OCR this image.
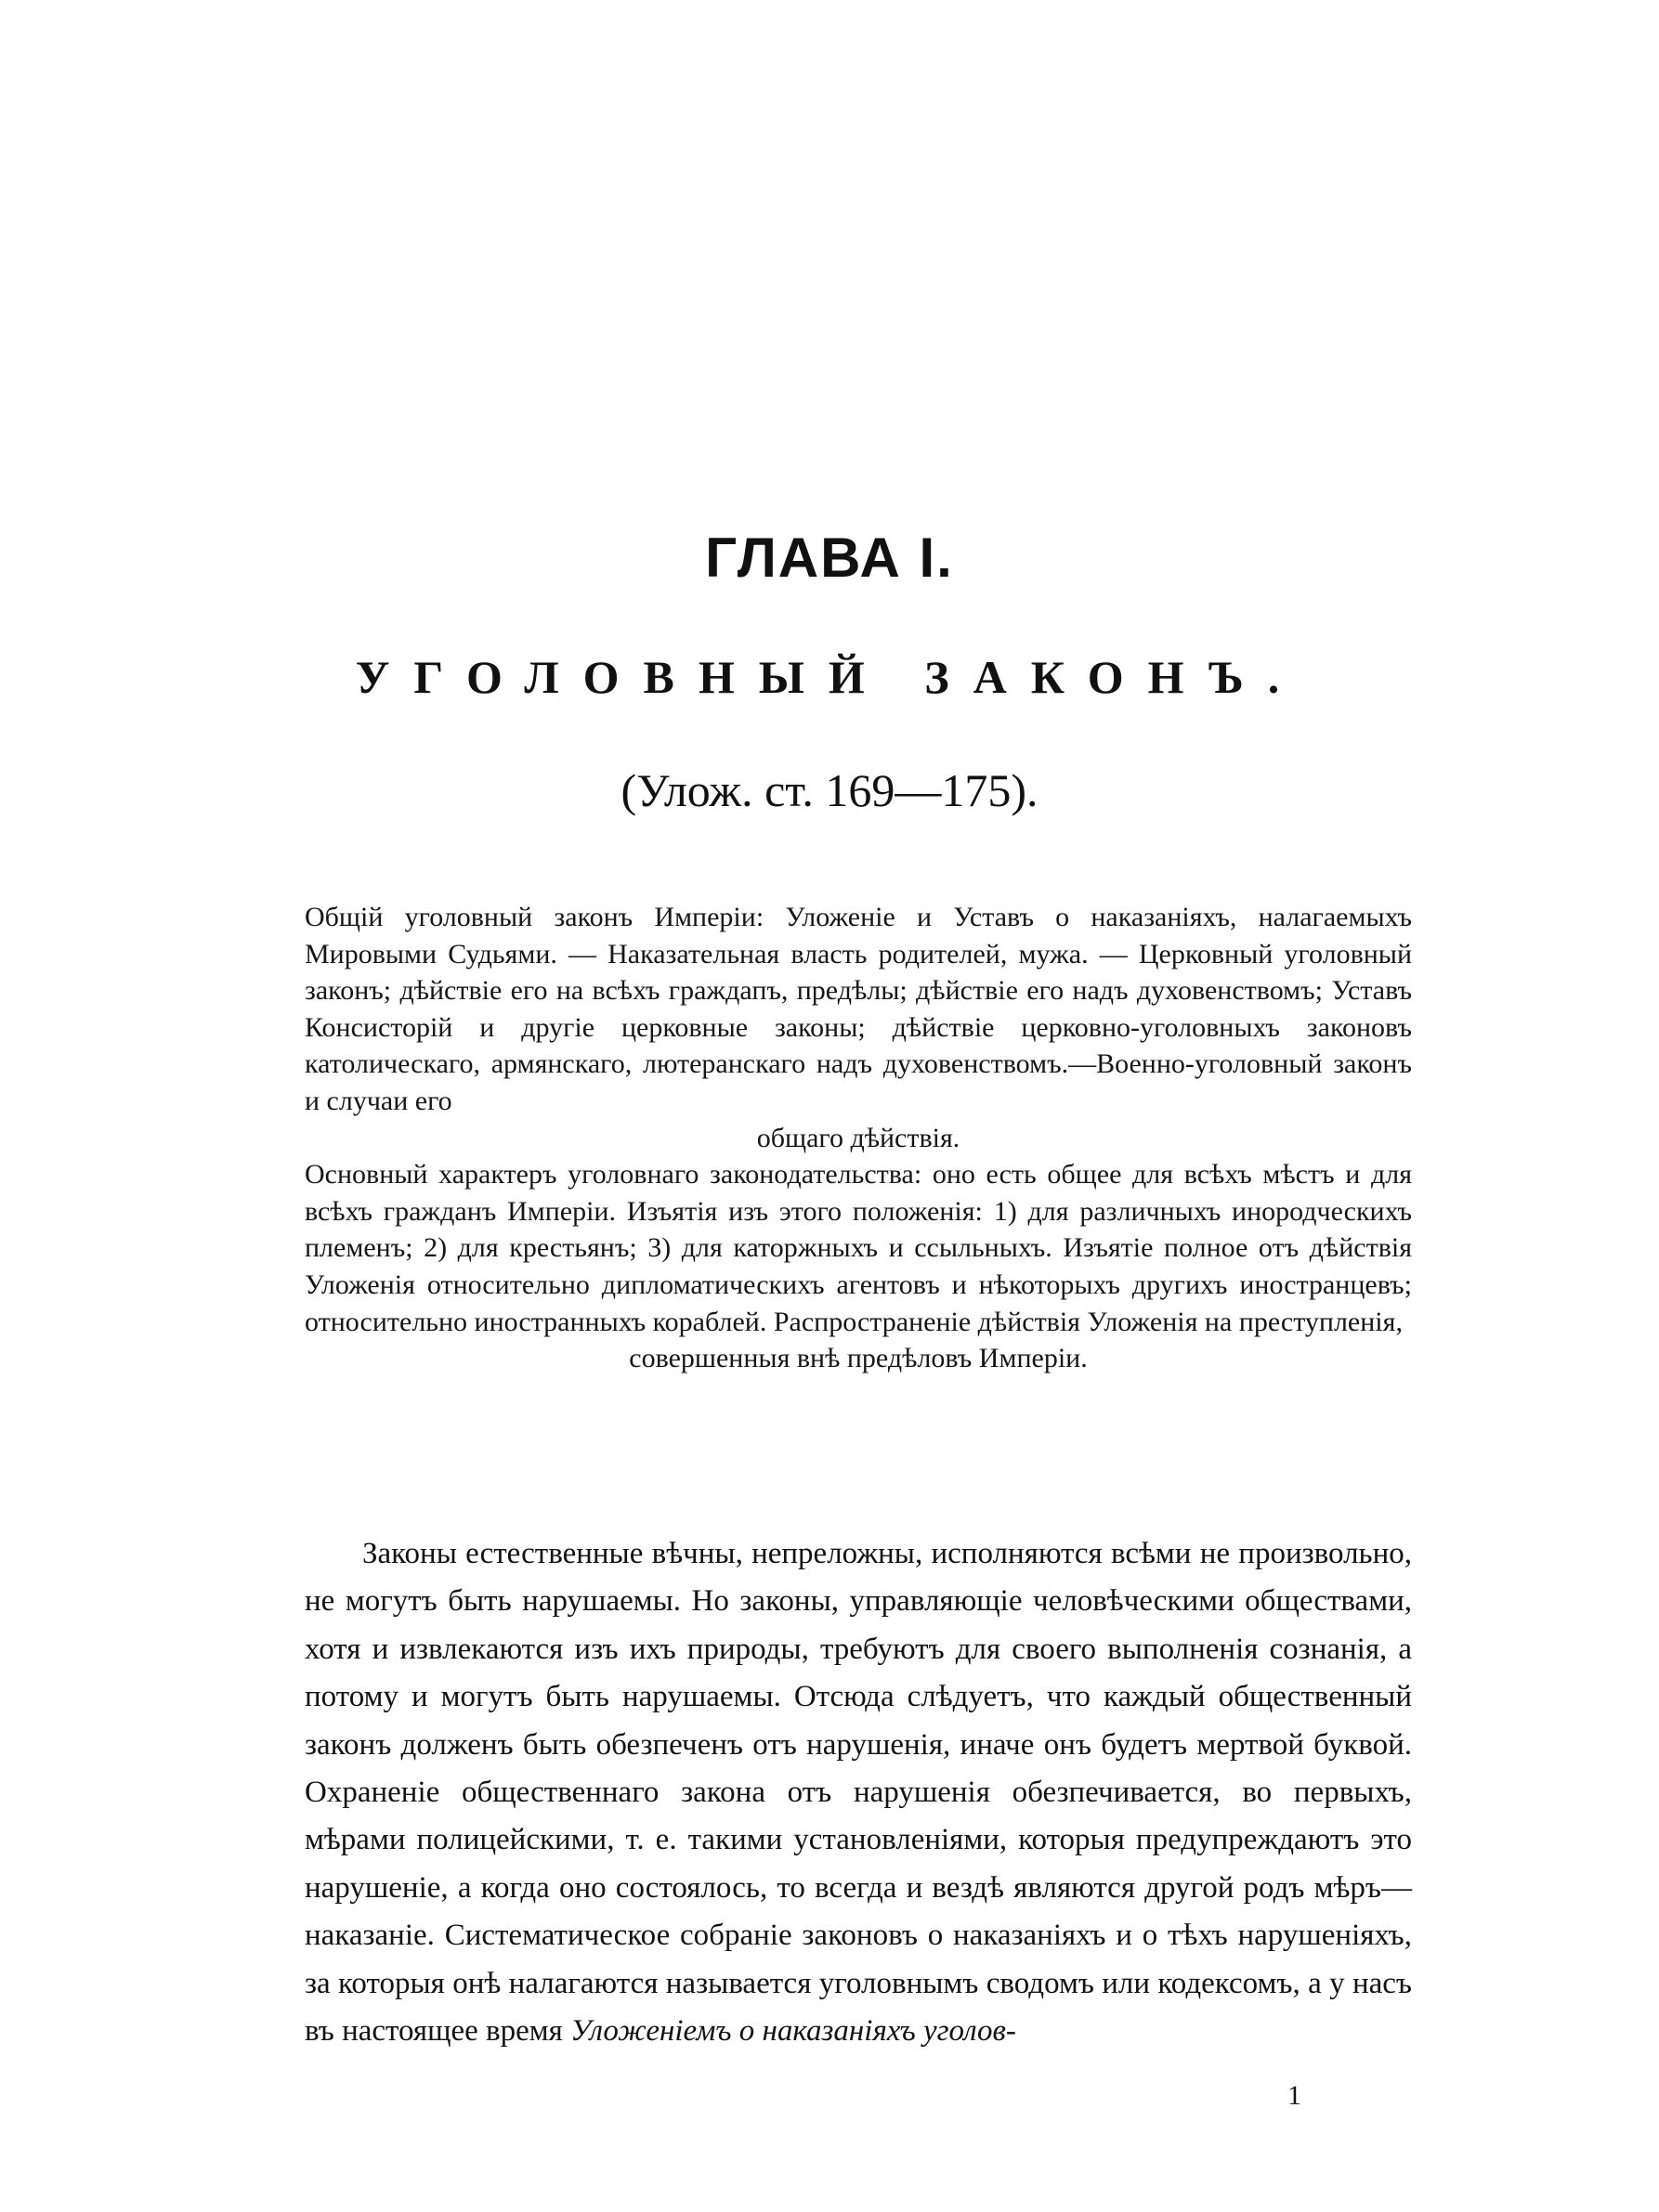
ГЛАВА I.
УГОЛОВНЫЙ ЗАКОНЪ.

(Улож. ст. 169—175).

Общій уголовный законъ Имперіи: Уложеніе и Уставъ о наказаніяхъ, налагаемыхъ Мировыми Судьями. — Наказательная власть родителей, мужа. — Церковный уголовный законъ; дѣйствіе его на всѣхъ граждапъ, предѣлы; дѣйствіе его надъ духовенствомъ; Уставъ Консисторій и другіе церковные законы; дѣйствіе церковно-уголовныхъ законовъ католическаго, армянскаго, лютеранскаго надъ духовенствомъ.—Военно-уголовный законъ и случаи его

общаго дѣйствія.

Основный характеръ уголовнаго законодательства: оно есть общее для всѣхъ мѣстъ и для всѣхъ гражданъ Имперіи. Изъятія изъ этого положенія: 1) для различныхъ инородческихъ племенъ; 2) для крестьянъ; 3) для каторжныхъ и ссыльныхъ. Изъятіе полное отъ дѣйствія Уложенія относительно дипломатическихъ агентовъ и нѣкоторыхъ другихъ иностранцевъ; относительно иностранныхъ кораблей. Распространеніе дѣйствія Уложенія на преступленія,

совершенныя внѣ предѣловъ Имперіи.

Законы естественные вѣчны, непреложны, исполняются всѣми не произвольно, не могутъ быть нарушаемы. Но законы, управляющіе человѣческими обществами, хотя и извлекаются изъ ихъ природы, требуютъ для своего выполненія сознанія, а потому и могутъ быть нарушаемы. Отсюда слѣдуетъ, что каждый общественный законъ долженъ быть обезпеченъ отъ нарушенія, иначе онъ будетъ мертвой буквой. Охраненіе общественнаго закона отъ нарушенія обезпечивается, во первыхъ, мѣрами полицейскими, т. е. такими установленіями, которыя предупреждаютъ это нарушеніе, а когда оно состоялось, то всегда и вездѣ являются другой родъ мѣръ—наказаніе. Систематическое собраніе законовъ о наказаніяхъ и о тѣхъ нарушеніяхъ, за которыя онѣ налагаются называется уголовнымъ сводомъ или кодексомъ, а у насъ въ настоящее время Уложеніемъ о наказаніяхъ уголов-

1
